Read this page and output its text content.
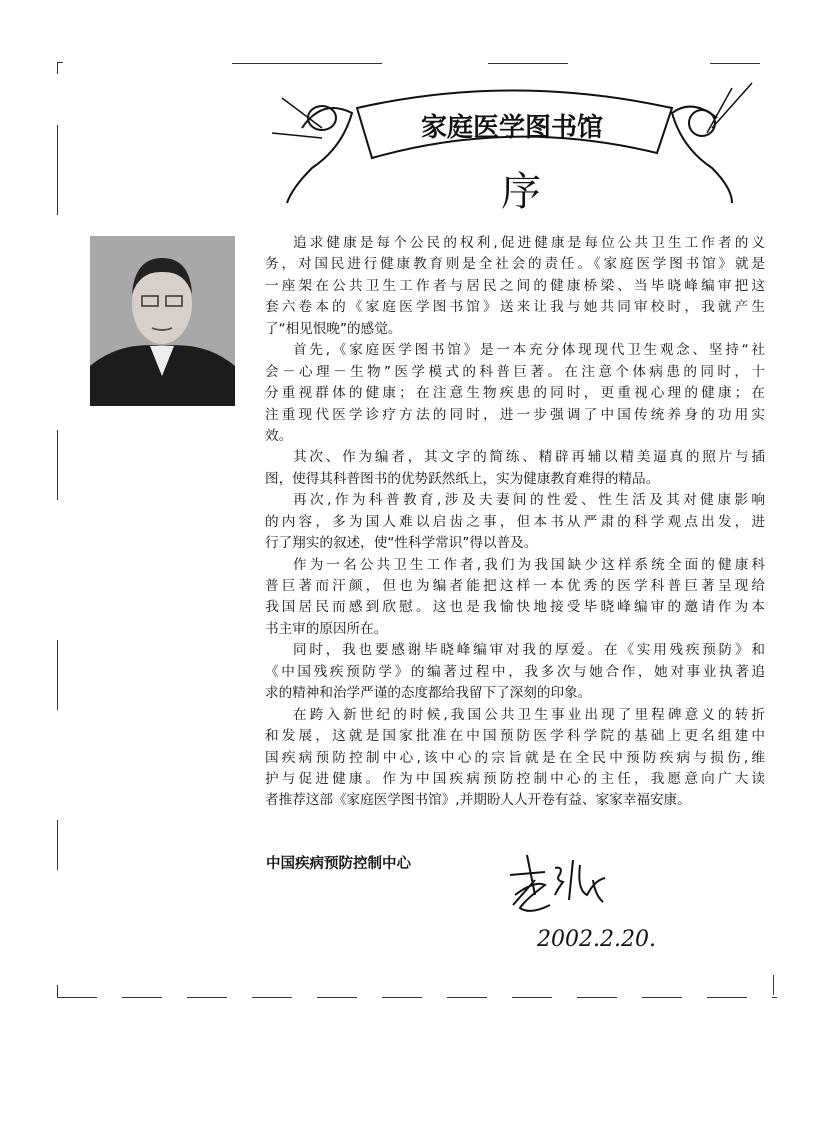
家庭医学图书馆
序
追求健康是每个公民的权利,促进健康是每位公共卫生工作者的义
务，对国民进行健康教育则是全社会的责任。《家庭医学图书馆》就是
一座架在公共卫生工作者与居民之间的健康桥梁、当毕晓峰编审把这
套六卷本的《家庭医学图书馆》送来让我与她共同审校时，我就产生
了“相见恨晚”的感觉。
首先,《家庭医学图书馆》是一本充分体现现代卫生观念、坚持“社
会－心理－生物”医学模式的科普巨著。在注意个体病患的同时，十
分重视群体的健康；在注意生物疾患的同时，更重视心理的健康；在
注重现代医学诊疗方法的同时，进一步强调了中国传统养身的功用实
效。
其次、作为编者，其文字的简练、精辟再辅以精美逼真的照片与插
图，使得其科普图书的优势跃然纸上，实为健康教育难得的精品。
再次,作为科普教育,涉及夫妻间的性爱、性生活及其对健康影响
的内容，多为国人难以启齿之事，但本书从严肃的科学观点出发，进
行了翔实的叙述，使“性科学常识”得以普及。
作为一名公共卫生工作者,我们为我国缺少这样系统全面的健康科
普巨著而汗颜，但也为编者能把这样一本优秀的医学科普巨著呈现给
我国居民而感到欣慰。这也是我愉快地接受毕晓峰编审的邀请作为本
书主审的原因所在。
同时，我也要感谢毕晓峰编审对我的厚爱。在《实用残疾预防》和
《中国残疾预防学》的编著过程中，我多次与她合作，她对事业执著追
求的精神和治学严谨的态度都给我留下了深刻的印象。
在跨入新世纪的时候,我国公共卫生事业出现了里程碑意义的转折
和发展，这就是国家批准在中国预防医学科学院的基础上更名组建中
国疾病预防控制中心,该中心的宗旨就是在全民中预防疾病与损伤,维
护与促进健康。作为中国疾病预防控制中心的主任，我愿意向广大读
者推荐这部《家庭医学图书馆》,并期盼人人开卷有益、家家幸福安康。
中国疾病预防控制中心
2002.2.20.
